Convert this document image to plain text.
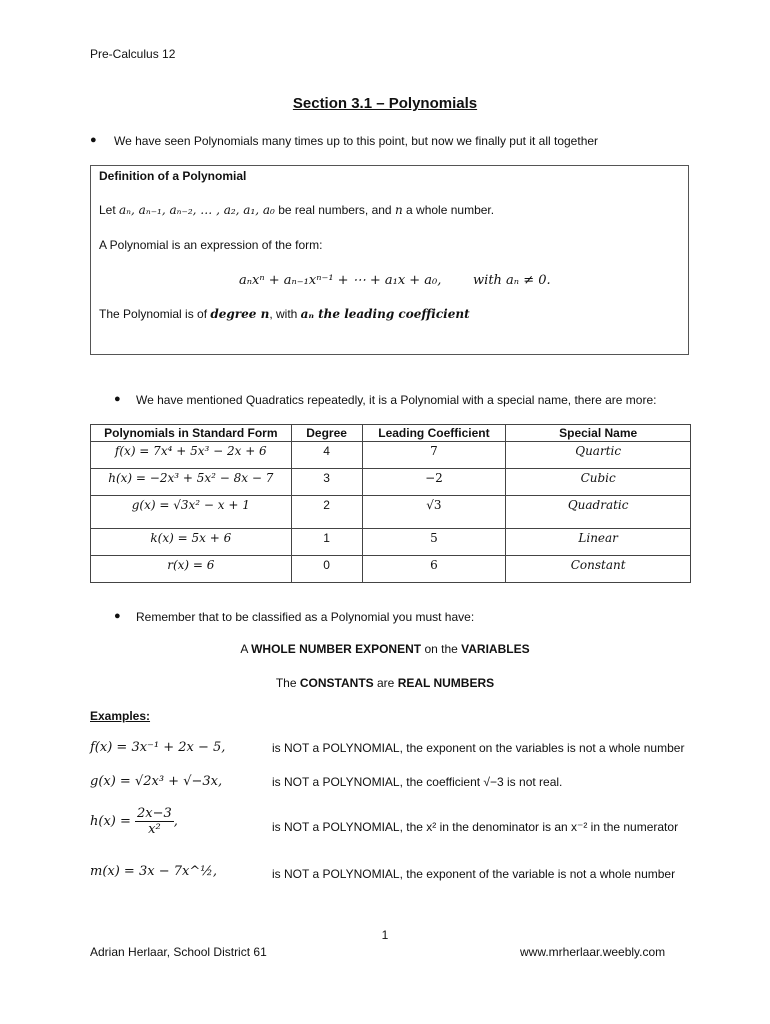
Pre-Calculus 12
Section 3.1 – Polynomials
● We have seen Polynomials many times up to this point, but now we finally put it all together
Definition of a Polynomial
Let aₙ, aₙ₋₁, aₙ₋₂, … , a₂, a₁, a₀ be real numbers, and n a whole number.
A Polynomial is an expression of the form:
aₙxⁿ + aₙ₋₁xⁿ⁻¹ + ⋯ + a₁x + a₀, with aₙ ≠ 0.
The Polynomial is of degree n, with aₙ the leading coefficient
● We have mentioned Quadratics repeatedly, it is a Polynomial with a special name, there are more:
Polynomials in Standard Form	Degree	Leading Coefficient	Special Name
f(x) = 7x⁴ + 5x³ − 2x + 6	4	7	Quartic
h(x) = −2x³ + 5x² − 8x − 7	3	−2	Cubic
g(x) = √3x² − x + 1	2	√3	Quadratic
k(x) = 5x + 6	1	5	Linear
r(x) = 6	0	6	Constant
● Remember that to be classified as a Polynomial you must have:
A WHOLE NUMBER EXPONENT on the VARIABLES
The CONSTANTS are REAL NUMBERS
Examples:
f(x) = 3x⁻¹ + 2x − 5,	is NOT a POLYNOMIAL, the exponent on the variables is not a whole number
g(x) = √2x³ + √−3x,	is NOT a POLYNOMIAL, the coefficient √−3 is not real.
$h(x) = \frac{2x-3}{\text{x²}}$ ,	is NOT a POLYNOMIAL, the x² in the denominator is an x⁻² in the numerator
m(x) = 3x − 7x^½,	is NOT a POLYNOMIAL, the exponent of the variable is not a whole number
1
Adrian Herlaar, School District 61	www.mrherlaar.weebly.com
